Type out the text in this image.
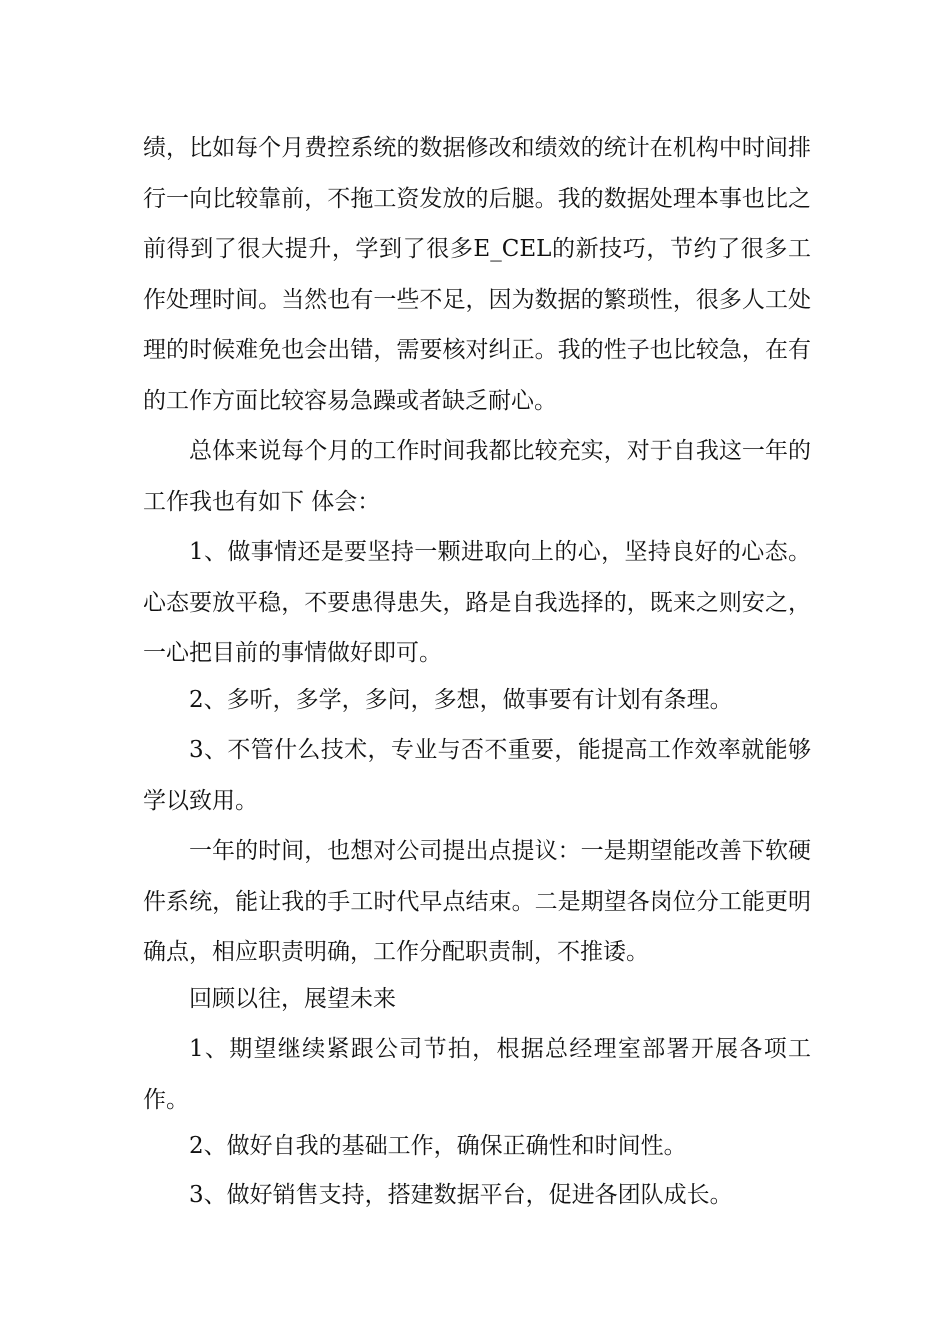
绩，比如每个月费控系统的数据修改和绩效的统计在机构中时间排行一向比较靠前，不拖工资发放的后腿。我的数据处理本事也比之前得到了很大提升，学到了很多E_CEL的新技巧，节约了很多工作处理时间。当然也有一些不足，因为数据的繁琐性，很多人工处理的时候难免也会出错，需要核对纠正。我的性子也比较急，在有的工作方面比较容易急躁或者缺乏耐心。

总体来说每个月的工作时间我都比较充实，对于自我这一年的工作我也有如下 体会：

1、做事情还是要坚持一颗进取向上的心，坚持良好的心态。心态要放平稳，不要患得患失，路是自我选择的，既来之则安之，一心把目前的事情做好即可。

2、多听，多学，多问，多想，做事要有计划有条理。

3、不管什么技术，专业与否不重要，能提高工作效率就能够学以致用。

一年的时间，也想对公司提出点提议：一是期望能改善下软硬件系统，能让我的手工时代早点结束。二是期望各岗位分工能更明确点，相应职责明确，工作分配职责制，不推诿。

回顾以往，展望未来

1、期望继续紧跟公司节拍，根据总经理室部署开展各项工作。

2、做好自我的基础工作，确保正确性和时间性。

3、做好销售支持，搭建数据平台，促进各团队成长。
